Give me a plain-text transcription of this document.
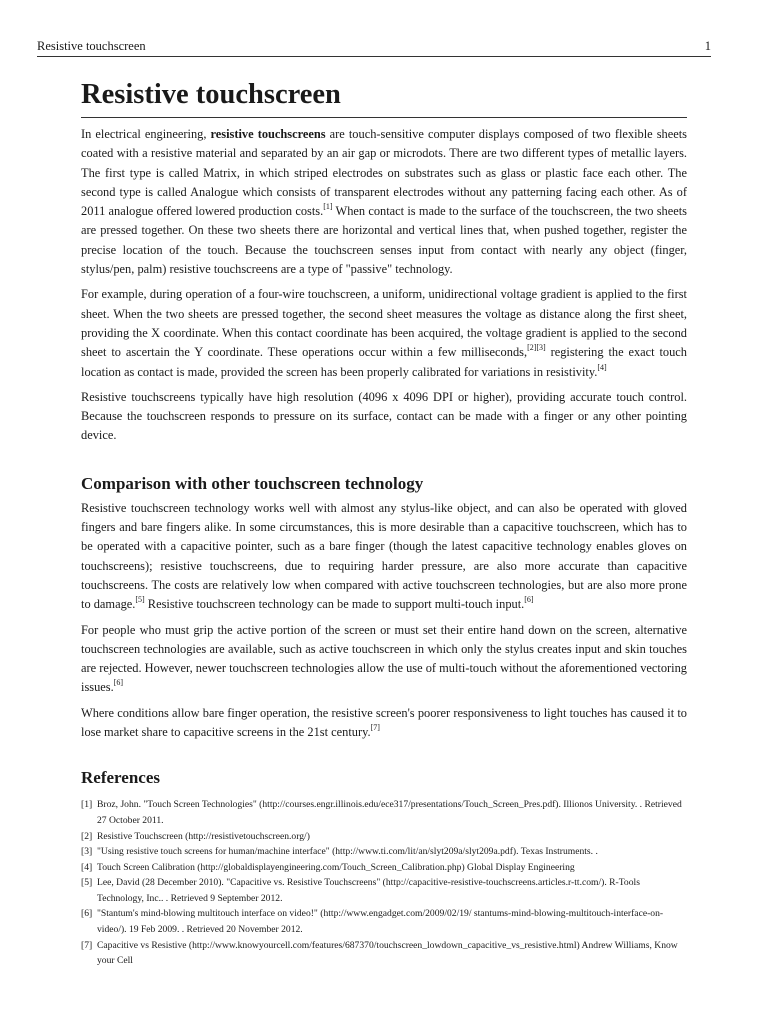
Resistive touchscreen	1
Resistive touchscreen

In electrical engineering, resistive touchscreens are touch-sensitive computer displays composed of two flexible sheets coated with a resistive material and separated by an air gap or microdots. There are two different types of metallic layers. The first type is called Matrix, in which striped electrodes on substrates such as glass or plastic face each other. The second type is called Analogue which consists of transparent electrodes without any patterning facing each other. As of 2011 analogue offered lowered production costs.[1] When contact is made to the surface of the touchscreen, the two sheets are pressed together. On these two sheets there are horizontal and vertical lines that, when pushed together, register the precise location of the touch. Because the touchscreen senses input from contact with nearly any object (finger, stylus/pen, palm) resistive touchscreens are a type of "passive" technology.

For example, during operation of a four-wire touchscreen, a uniform, unidirectional voltage gradient is applied to the first sheet. When the two sheets are pressed together, the second sheet measures the voltage as distance along the first sheet, providing the X coordinate. When this contact coordinate has been acquired, the voltage gradient is applied to the second sheet to ascertain the Y coordinate. These operations occur within a few milliseconds,[2][3] registering the exact touch location as contact is made, provided the screen has been properly calibrated for variations in resistivity.[4]

Resistive touchscreens typically have high resolution (4096 x 4096 DPI or higher), providing accurate touch control. Because the touchscreen responds to pressure on its surface, contact can be made with a finger or any other pointing device.

Comparison with other touchscreen technology

Resistive touchscreen technology works well with almost any stylus-like object, and can also be operated with gloved fingers and bare fingers alike. In some circumstances, this is more desirable than a capacitive touchscreen, which has to be operated with a capacitive pointer, such as a bare finger (though the latest capacitive technology enables gloves on touchscreens); resistive touchscreens, due to requiring harder pressure, are also more accurate than capacitive touchscreens. The costs are relatively low when compared with active touchscreen technologies, but are also more prone to damage.[5] Resistive touchscreen technology can be made to support multi-touch input.[6]

For people who must grip the active portion of the screen or must set their entire hand down on the screen, alternative touchscreen technologies are available, such as active touchscreen in which only the stylus creates input and skin touches are rejected. However, newer touchscreen technologies allow the use of multi-touch without the aforementioned vectoring issues.[6]

Where conditions allow bare finger operation, the resistive screen's poorer responsiveness to light touches has caused it to lose market share to capacitive screens in the 21st century.[7]

References
[1] Broz, John. "Touch Screen Technologies" (http://courses.engr.illinois.edu/ece317/presentations/Touch_Screen_Pres.pdf). Illionos University. . Retrieved 27 October 2011.
[2] Resistive Touchscreen (http://resistivetouchscreen.org/)
[3] "Using resistive touch screens for human/machine interface" (http://www.ti.com/lit/an/slyt209a/slyt209a.pdf). Texas Instruments. .
[4] Touch Screen Calibration (http://globaldisplayengineering.com/Touch_Screen_Calibration.php) Global Display Engineering
[5] Lee, David (28 December 2010). "Capacitive vs. Resistive Touchscreens" (http://capacitive-resistive-touchscreens.articles.r-tt.com/). R-Tools Technology, Inc.. . Retrieved 9 September 2012.
[6] "Stantum's mind-blowing multitouch interface on video!" (http://www.engadget.com/2009/02/19/ stantums-mind-blowing-multitouch-interface-on-video/). 19 Feb 2009. . Retrieved 20 November 2012.
[7] Capacitive vs Resistive (http://www.knowyourcell.com/features/687370/touchscreen_lowdown_capacitive_vs_resistive.html) Andrew Williams, Know your Cell
